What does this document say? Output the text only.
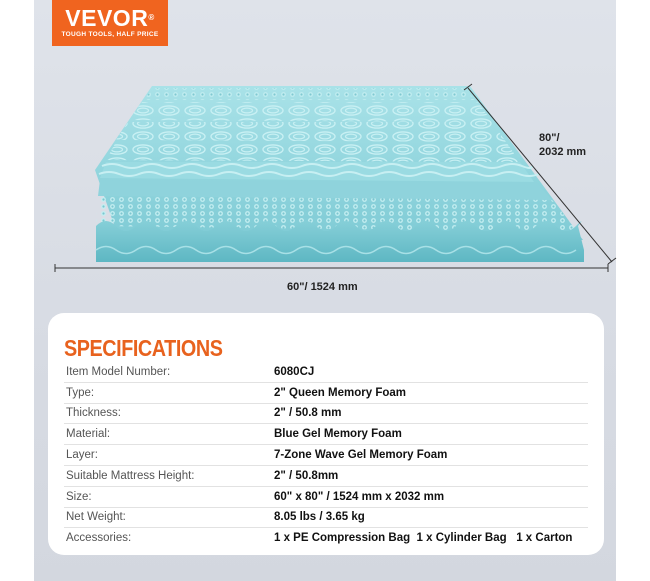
VEVOR®
TOUGH TOOLS, HALF PRICE
80"/
2032 mm
60"/ 1524 mm
SPECIFICATIONS
Item Model Number:	6080CJ
Type:	2" Queen Memory Foam
Thickness:	2" / 50.8 mm
Material:	Blue Gel Memory Foam
Layer:	7-Zone Wave Gel Memory Foam
Suitable Mattress Height:	2" / 50.8mm
Size:	60" x 80" / 1524 mm x 2032 mm
Net Weight:	8.05 lbs / 3.65 kg
Accessories:	1 x PE Compression Bag  1 x Cylinder Bag   1 x Carton
